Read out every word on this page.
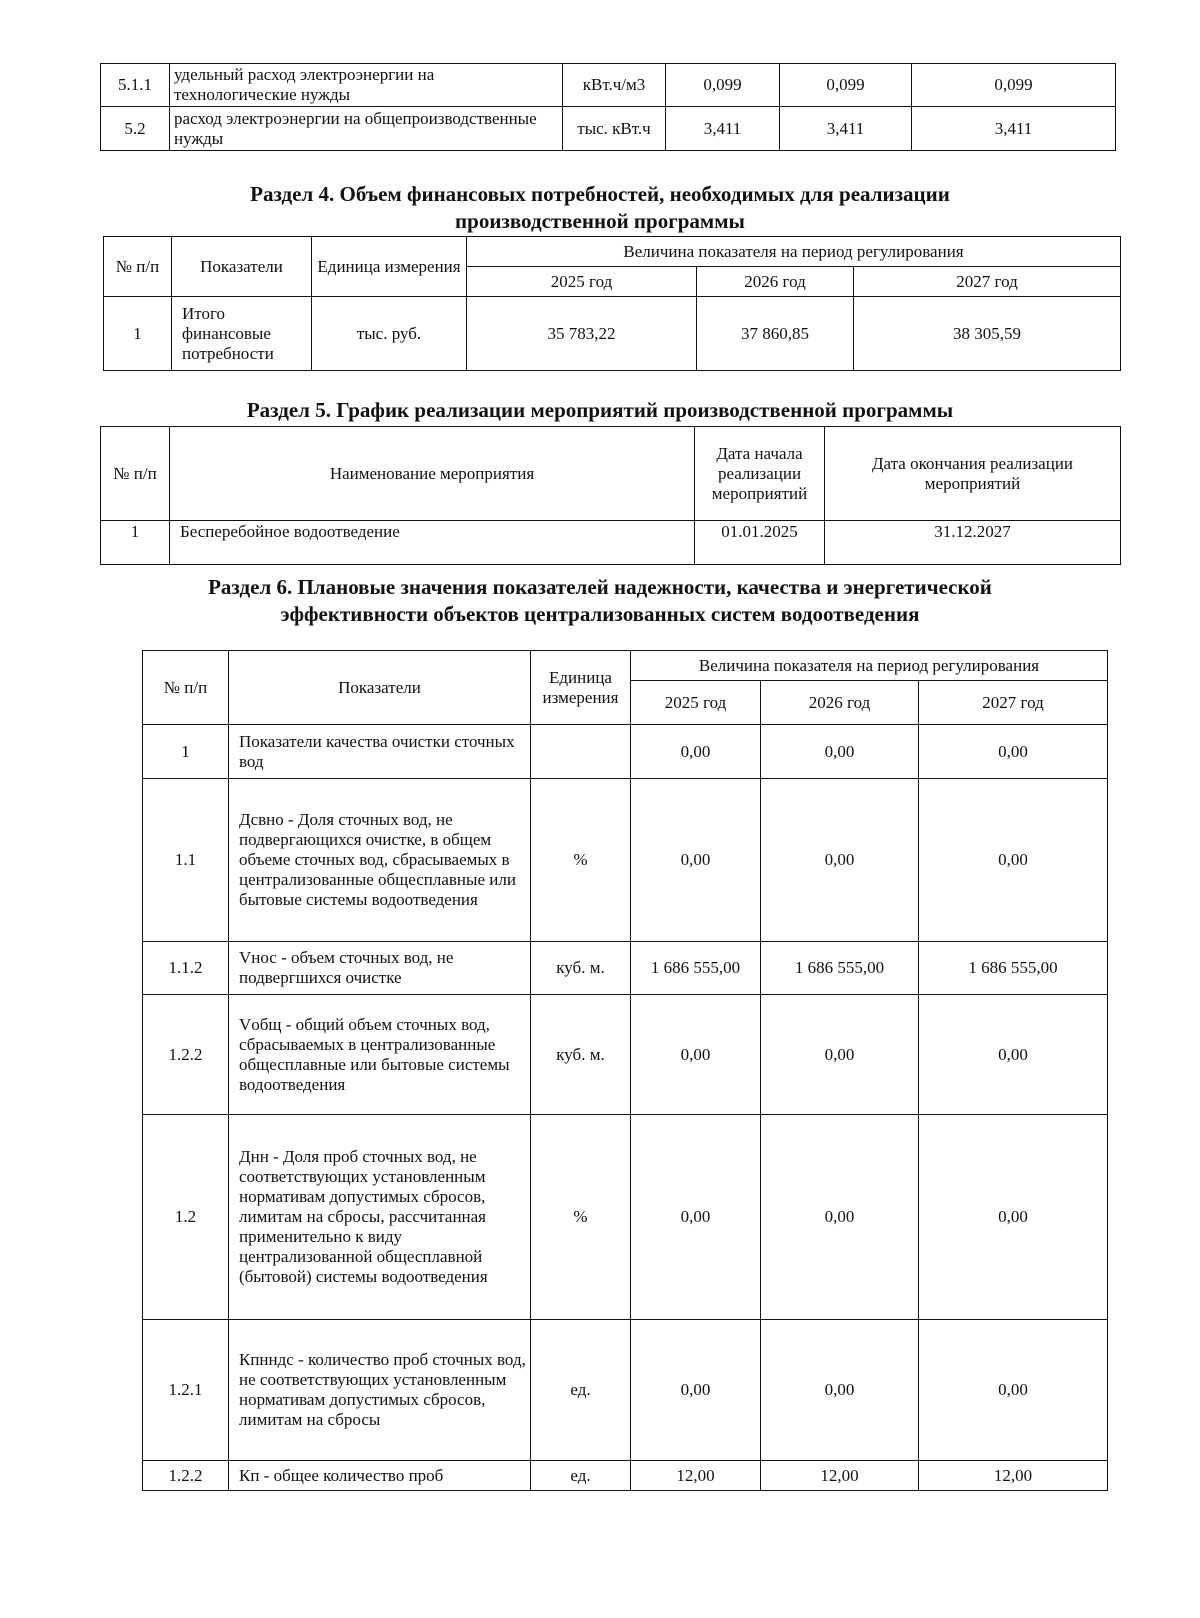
5.1.1	удельный расход электроэнергии на технологические нужды	кВт.ч/м3	0,099	0,099	0,099
5.2	расход электроэнергии на общепроизводственные нужды	тыс. кВт.ч	3,411	3,411	3,411
Раздел 4. Объем финансовых потребностей, необходимых для реализации
производственной программы
№ п/п	Показатели	Единица измерения	Величина показателя на период регулирования		
			2025 год	2026 год	2027 год
1	Итого финансовые потребности	тыс. руб.	35 783,22	37 860,85	38 305,59
Раздел 5. График реализации мероприятий производственной программы
№ п/п	Наименование мероприятия	Дата начала реализации мероприятий	Дата окончания реализации мероприятий
1	Бесперебойное водоотведение	01.01.2025	31.12.2027
Раздел 6. Плановые значения показателей надежности, качества и энергетической
эффективности объектов централизованных систем водоотведения
№ п/п	Показатели	Единица измерения	Величина показателя на период регулирования		
			2025 год	2026 год	2027 год
1	Показатели качества очистки сточных вод		0,00	0,00	0,00
1.1	Дсвно - Доля сточных вод, не подвергающихся очистке, в общем объеме сточных вод, сбрасываемых в централизованные общесплавные или бытовые системы водоотведения	%	0,00	0,00	0,00
1.1.2	Vнос - объем сточных вод, не подвергшихся очистке	куб. м.	1 686 555,00	1 686 555,00	1 686 555,00
1.2.2	Vобщ - общий объем сточных вод, сбрасываемых в централизованные общесплавные или бытовые системы водоотведения	куб. м.	0,00	0,00	0,00
1.2	Днн - Доля проб сточных вод, не соответствующих установленным нормативам допустимых сбросов, лимитам на сбросы, рассчитанная применительно к виду централизованной общесплавной (бытовой) системы водоотведения	%	0,00	0,00	0,00
1.2.1	Кпнндс - количество проб сточных вод, не соответствующих установленным нормативам допустимых сбросов, лимитам на сбросы	ед.	0,00	0,00	0,00
1.2.2	Кп - общее количество проб	ед.	12,00	12,00	12,00
